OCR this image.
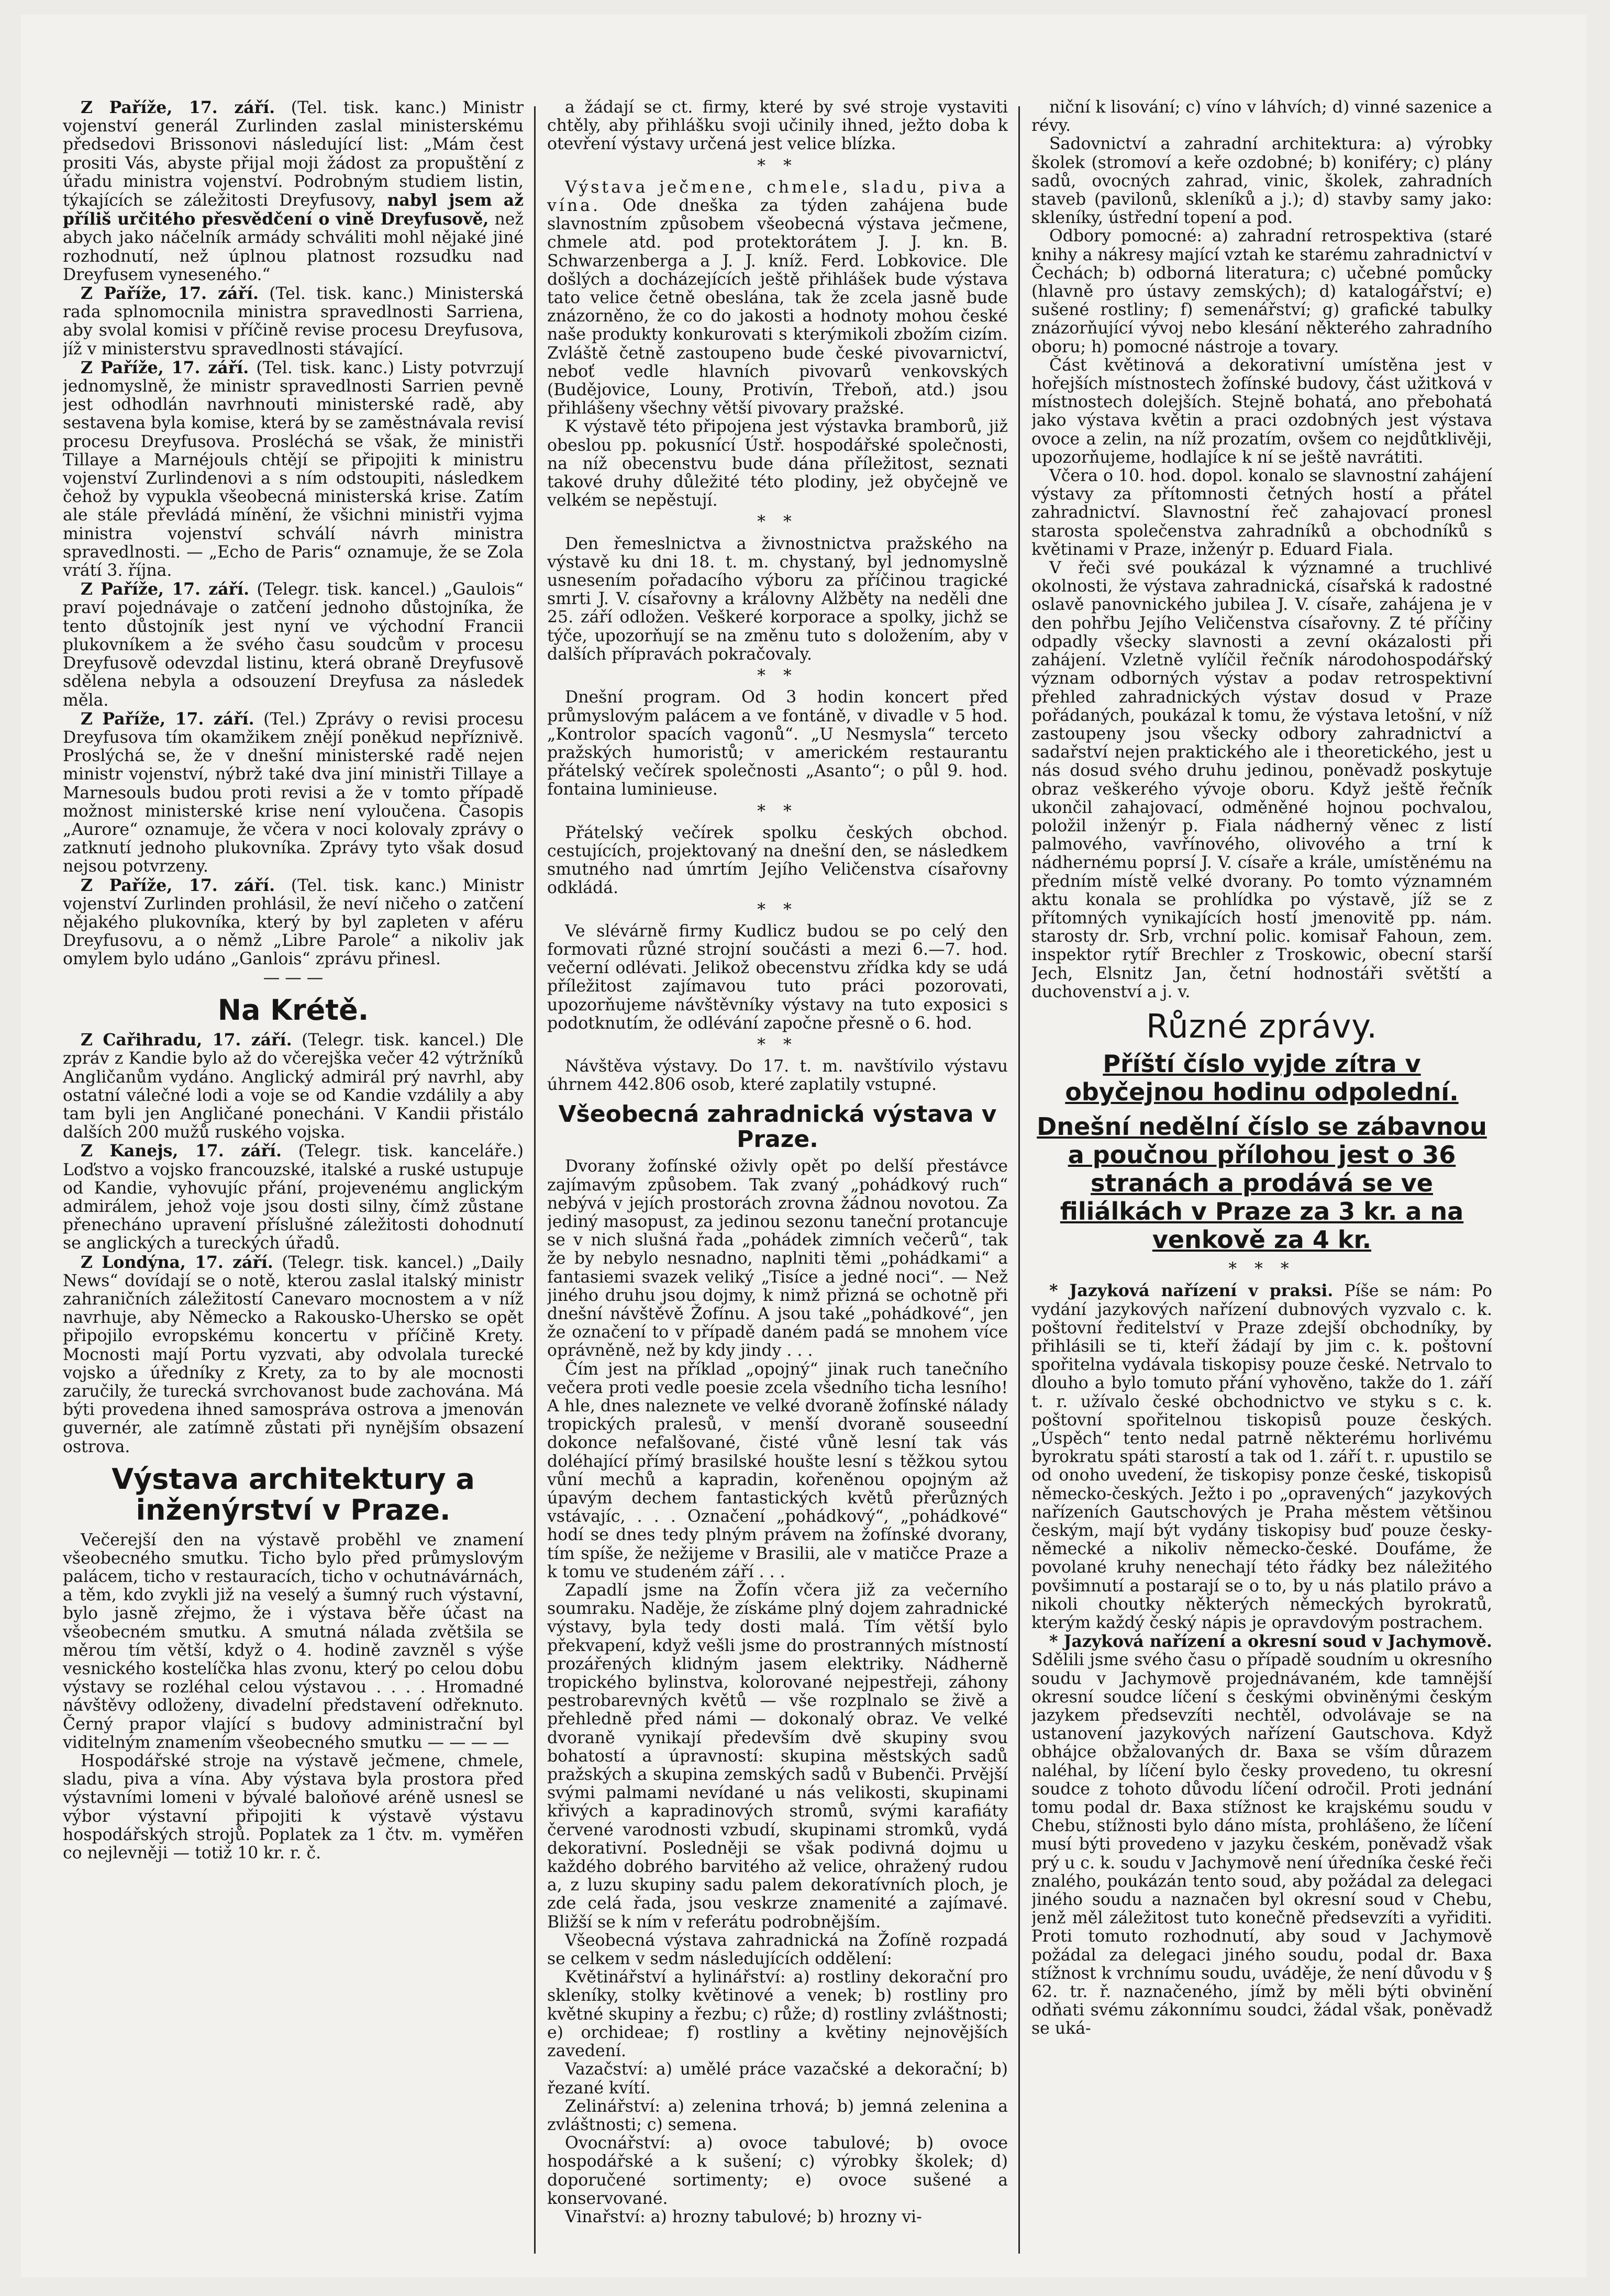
Z Paříže, 17. září. (Tel. tisk. kanc.) Ministr vojenství generál Zurlinden zaslal ministerskému předsedovi Brissonovi následující list: „Mám čest prositi Vás, abyste přijal moji žádost za propuštění z úřadu ministra vojenství. Podrobným studiem listin, týkajících se záležitosti Dreyfusovy, nabyl jsem až příliš určitého přesvědčení o vině Dreyfusově, než abych jako náčelník armády schváliti mohl nějaké jiné rozhodnutí, než úplnou platnost rozsudku nad Dreyfusem vyneseného.“

Z Paříže, 17. září. (Tel. tisk. kanc.) Ministerská rada splnomocnila ministra spravedlnosti Sarriena, aby svolal komisi v příčině revise procesu Dreyfusova, jíž v ministerstvu spravedlnosti stávající.

Z Paříže, 17. září. (Tel. tisk. kanc.) Listy potvrzují jednomyslně, že ministr spravedlnosti Sarrien pevně jest odhodlán navrhnouti ministerské radě, aby sestavena byla komise, která by se zaměstnávala revisí procesu Dreyfusova. Prosléchá se však, že ministři Tillaye a Marnéjouls chtějí se připojiti k ministru vojenství Zurlindenovi a s ním odstoupiti, následkem čehož by vypukla všeobecná ministerská krise. Zatím ale stále převládá mínění, že všichni ministři vyjma ministra vojenství schválí návrh ministra spravedlnosti. — „Echo de Paris“ oznamuje, že se Zola vrátí 3. října.

Z Paříže, 17. září. (Telegr. tisk. kancel.) „Gaulois“ praví pojednávaje o zatčení jednoho důstojníka, že tento důstojník jest nyní ve východní Francii plukovníkem a že svého času soudcům v procesu Dreyfusově odevzdal listinu, která obraně Dreyfusově sdělena nebyla a odsouzení Dreyfusa za následek měla.

Z Paříže, 17. září. (Tel.) Zprávy o revisi procesu Dreyfusova tím okamžikem znějí poněkud nepříznivě. Proslýchá se, že v dnešní ministerské radě nejen ministr vojenství, nýbrž také dva jiní ministři Tillaye a Marnesouls budou proti revisi a že v tomto případě možnost ministerské krise není vyloučena. Časopis „Aurore“ oznamuje, že včera v noci kolovaly zprávy o zatknutí jednoho plukovníka. Zprávy tyto však dosud nejsou potvrzeny.

Z Paříže, 17. září. (Tel. tisk. kanc.) Ministr vojenství Zurlinden prohlásil, že neví ničeho o zatčení nějakého plukovníka, který by byl zapleten v aféru Dreyfusovu, a o němž „Libre Parole“ a nikoliv jak omylem bylo udáno „Ganlois“ zprávu přinesl.

— — —

Na Krétě.

Z Cařihradu, 17. září. (Telegr. tisk. kancel.) Dle zpráv z Kandie bylo až do včerejška večer 42 výtržníků Angličanům vydáno. Anglický admirál prý navrhl, aby ostatní válečné lodi a voje se od Kandie vzdálily a aby tam byli jen Angličané ponecháni. V Kandii přistálo dalších 200 mužů ruského vojska.

Z Kanejs, 17. září. (Telegr. tisk. kanceláře.) Loďstvo a vojsko francouzské, italské a ruské ustupuje od Kandie, vyhovujíc přání, projevenému anglickým admirálem, jehož voje jsou dosti silny, čímž zůstane přenecháno upravení příslušné záležitosti dohodnutí se anglických a tureckých úřadů.

Z Londýna, 17. září. (Telegr. tisk. kancel.) „Daily News“ dovídají se o notě, kterou zaslal italský ministr zahraničních záležitostí Canevaro mocnostem a v níž navrhuje, aby Německo a Rakousko-Uhersko se opět připojilo evropskému koncertu v příčině Krety. Mocnosti mají Portu vyzvati, aby odvolala turecké vojsko a úředníky z Krety, za to by ale mocnosti zaručily, že turecká svrchovanost bude zachována. Má býti provedena ihned samospráva ostrova a jmenován guvernér, ale zatímně zůstati při nynějším obsazení ostrova.

Výstava architektury a inženýrství v Praze.

Večerejší den na výstavě proběhl ve znamení všeobecného smutku. Ticho bylo před průmyslovým palácem, ticho v restauracích, ticho v ochutnávárnách, a těm, kdo zvykli již na veselý a šumný ruch výstavní, bylo jasně zřejmo, že i výstava běře účast na všeobecném smutku. A smutná nálada zvětšila se měrou tím větší, když o 4. hodině zavzněl s výše vesnického kostelíčka hlas zvonu, který po celou dobu výstavy se rozléhal celou výstavou . . . . Hromadné návštěvy odloženy, divadelní představení odřeknuto. Černý prapor vlající s budovy administrační byl viditelným znamením všeobecného smutku — — — —

Hospodářské stroje na výstavě ječmene, chmele, sladu, piva a vína. Aby výstava byla prostora před výstavními lomeni v bývalé baloňové aréně usnesl se výbor výstavní připojiti k výstavě výstavu hospodářských strojů. Poplatek za 1 čtv. m. vyměřen co nejlevněji — totiž 10 kr. r. č.

a žádají se ct. firmy, které by své stroje vystaviti chtěly, aby přihlášku svoji učinily ihned, ježto doba k otevření výstavy určená jest velice blízka.

* *

Výstava ječmene, chmele, sladu, piva a vína. Ode dneška za týden zahájena bude slavnostním způsobem všeobecná výstava ječmene, chmele atd. pod protektorátem J. J. kn. B. Schwarzenberga a J. J. kníž. Ferd. Lobkovice. Dle došlých a docházejících ještě přihlášek bude výstava tato velice četně obeslána, tak že zcela jasně bude znázorněno, že co do jakosti a hodnoty mohou české naše produkty konkurovati s kterýmikoli zbožím cizím. Zvláště četně zastoupeno bude české pivovarnictví, neboť vedle hlavních pivovarů venkovských (Budějovice, Louny, Protivín, Třeboň, atd.) jsou přihlášeny všechny větší pivovary pražské.

K výstavě této připojena jest výstavka bramborů, již obeslou pp. pokusnící Ústř. hospodářské společnosti, na níž obecenstvu bude dána příležitost, seznati takové druhy důležité této plodiny, jež obyčejně ve velkém se nepěstují.

* *

Den řemeslnictva a živnostnictva pražského na výstavě ku dni 18. t. m. chystaný, byl jednomyslně usnesením pořadacího výboru za příčinou tragické smrti J. V. císařovny a královny Alžběty na neděli dne 25. září odložen. Veškeré korporace a spolky, jichž se týče, upozorňují se na změnu tuto s doložením, aby v dalších přípravách pokračovaly.

* *

Dnešní program. Od 3 hodin koncert před průmyslovým palácem a ve fontáně, v divadle v 5 hod. „Kontrolor spacích vagonů“. „U Nesmysla“ terceto pražských humoristů; v americkém restaurantu přátelský večírek společnosti „Asanto“; o půl 9. hod. fontaina luminieuse.

* *

Přátelský večírek spolku českých obchod. cestujících, projektovaný na dnešní den, se následkem smutného nad úmrtím Jejího Veličenstva císařovny odkládá.

* *

Ve slévárně firmy Kudlicz budou se po celý den formovati různé strojní součásti a mezi 6.—7. hod. večerní odlévati. Jelikož obecenstvu zřídka kdy se udá příležitost zajímavou tuto práci pozorovati, upozorňujeme návštěvníky výstavy na tuto exposici s podotknutím, že odlévání započne přesně o 6. hod.

* *

Návštěva výstavy. Do 17. t. m. navštívilo výstavu úhrnem 442.806 osob, které zaplatily vstupné.

Všeobecná zahradnická výstava v Praze.

Dvorany žofínské oživly opět po delší přestávce zajímavým způsobem. Tak zvaný „pohádkový ruch“ nebývá v jejích prostorách zrovna žádnou novotou. Za jediný masopust, za jedinou sezonu taneční protancuje se v nich slušná řada „pohádek zimních večerů“, tak že by nebylo nesnadno, naplniti těmi „pohádkami“ a fantasiemi svazek veliký „Tisíce a jedné noci“. — Než jiného druhu jsou dojmy, k nimž přizná se ochotně při dnešní návštěvě Žofínu. A jsou také „pohádkové“, jen že označení to v případě daném padá se mnohem více oprávněně, než by kdy jindy . . .

Čím jest na příklad „opojný“ jinak ruch tanečního večera proti vedle poesie zcela všedního ticha lesního! A hle, dnes naleznete ve velké dvoraně žofínské nálady tropických pralesů, v menší dvoraně souseední dokonce nefalšované, čisté vůně lesní tak vás doléhající přímý brasilské houšte lesní s těžkou sytou vůní mechů a kapradin, kořeněnou opojným až úpavým dechem fantastických květů přerůzných vstávajíc, . . . Označení „pohádkový“, „pohádkové“ hodí se dnes tedy plným právem na žofínské dvorany, tím spíše, že nežijeme v Brasilii, ale v matičce Praze a k tomu ve studeném září . . .

Zapadlí jsme na Žofín včera již za večerního soumraku. Naděje, že získáme plný dojem zahradnické výstavy, byla tedy dosti malá. Tím větší bylo překvapení, když vešli jsme do prostranných místností prozářených klidným jasem elektriky. Nádherně tropického bylinstva, kolorované nejpestřeji, záhony pestrobarevných květů — vše rozplnalo se živě a přehledně před námi — dokonalý obraz. Ve velké dvoraně vynikají především dvě skupiny svou bohatostí a úpravností: skupina městských sadů pražských a skupina zemských sadů v Bubenči. Prvější svými palmami nevídané u nás velikosti, skupinami křivých a kapradinových stromů, svými karafiáty červené varodnosti vzbudí, skupinami stromků, vydá dekorativní. Posledněji se však podivná dojmu u každého dobrého barvitého až velice, ohražený rudou a, z luzu skupiny sadu palem dekoratívních ploch, je zde celá řada, jsou veskrze znamenité a zajímavé. Bližší se k ním v referátu podrobnějším.

Všeobecná výstava zahradnická na Žofíně rozpadá se celkem v sedm následujících oddělení:

Květinářství a hylinářství: a) rostliny dekorační pro skleníky, stolky květinové a venek; b) rostliny pro květné skupiny a řezbu; c) růže; d) rostliny zvláštnosti; e) orchideae; f) rostliny a květiny nejnovějších zavedení.

Vazačství: a) umělé práce vazačské a dekorační; b) řezané kvítí.

Zelinářství: a) zelenina trhová; b) jemná zelenina a zvláštnosti; c) semena.

Ovocnářství: a) ovoce tabulové; b) ovoce hospodářské a k sušení; c) výrobky školek; d) doporučené sortimenty; e) ovoce sušené a konservované.

Vinařství: a) hrozny tabulové; b) hrozny vi-

niční k lisování; c) víno v láhvích; d) vinné sazenice a révy.

Sadovnictví a zahradní architektura: a) výrobky školek (stromoví a keře ozdobné; b) koniféry; c) plány sadů, ovocných zahrad, vinic, školek, zahradních staveb (pavilonů, skleníků a j.); d) stavby samy jako: skleníky, ústřední topení a pod.

Odbory pomocné: a) zahradní retrospektiva (staré knihy a nákresy mající vztah ke starému zahradnictví v Čechách; b) odborná literatura; c) učebné pomůcky (hlavně pro ústavy zemských); d) katalogářství; e) sušené rostliny; f) semenářství; g) grafické tabulky znázorňující vývoj nebo klesání některého zahradního oboru; h) pomocné nástroje a tovary.

Část květinová a dekorativní umístěna jest v hořejších místnostech žofínské budovy, část užitková v místnostech dolejších. Stejně bohatá, ano přebohatá jako výstava květin a praci ozdobných jest výstava ovoce a zelin, na níž prozatím, ovšem co nejdůtklivěji, upozorňujeme, hodlajíce k ní se ještě navrátiti.

Včera o 10. hod. dopol. konalo se slavnostní zahájení výstavy za přítomnosti četných hostí a přátel zahradnictví. Slavnostní řeč zahajovací pronesl starosta společenstva zahradníků a obchodníků s květinami v Praze, inženýr p. Eduard Fiala.

V řeči své poukázal k významné a truchlivé okolnosti, že výstava zahradnická, císařská k radostné oslavě panovnického jubilea J. V. císaře, zahájena je v den pohřbu Jejího Veličenstva císařovny. Z té příčiny odpadly všecky slavnosti a zevní okázalosti při zahájení. Vzletně vylíčil řečník národohospodářský význam odborných výstav a podav retrospektivní přehled zahradnických výstav dosud v Praze pořádaných, poukázal k tomu, že výstava letošní, v níž zastoupeny jsou všecky odbory zahradnictví a sadařství nejen praktického ale i theoretického, jest u nás dosud svého druhu jedinou, poněvadž poskytuje obraz veškerého vývoje oboru. Když ještě řečník ukončil zahajovací, odměněné hojnou pochvalou, položil inženýr p. Fiala nádherný věnec z listí palmového, vavřínového, olivového a trní k nádhernému poprsí J. V. císaře a krále, umístěnému na předním místě velké dvorany. Po tomto významném aktu konala se prohlídka po výstavě, jíž se z přítomných vynikajících hostí jmenovitě pp. nám. starosty dr. Srb, vrchní polic. komisař Fahoun, zem. inspektor rytíř Brechler z Troskowic, obecní starší Jech, Elsnitz Jan, četní hodnostáři světští a duchovenství a j. v.

Různé zprávy.

Příští číslo vyjde zítra v obyčejnou hodinu odpolední.

Dnešní nedělní číslo se zábavnou a poučnou přílohou jest o 36 stranách a prodává se ve filiálkách v Praze za 3 kr. a na venkově za 4 kr.

* * *

* Jazyková nařízení v praksi. Píše se nám: Po vydání jazykových nařízení dubnových vyzvalo c. k. poštovní ředitelství v Praze zdejší obchodníky, by přihlásili se ti, kteří žádají by jim c. k. poštovní spořitelna vydávala tiskopisy pouze české. Netrvalo to dlouho a bylo tomuto přání vyhověno, takže do 1. září t. r. užívalo české obchodnictvo ve styku s c. k. poštovní spořitelnou tiskopisů pouze českých. „Úspěch“ tento nedal patrně některému horlivému byrokratu spáti starostí a tak od 1. září t. r. upustilo se od onoho uvedení, že tiskopisy ponze české, tiskopisů německo-českých. Ježto i po „opravených“ jazykových nařízeních Gautschových je Praha městem většinou českým, mají být vydány tiskopisy buď pouze česky-německé a nikoliv německo-české. Doufáme, že povolané kruhy nenechají této řádky bez náležitého povšimnutí a postarají se o to, by u nás platilo právo a nikoli choutky některých německých byrokratů, kterým každý český nápis je opravdovým postrachem.

* Jazyková nařízení a okresní soud v Jachymově. Sdělili jsme svého času o případě soudním u okresního soudu v Jachymově projednávaném, kde tamnější okresní soudce líčení s českými obviněnými českým jazykem předsevzíti nechtěl, odvolávaje se na ustanovení jazykových nařízení Gautschova. Když obhájce obžalovaných dr. Baxa se vším důrazem naléhal, by líčení bylo česky provedeno, tu okresní soudce z tohoto důvodu líčení odročil. Proti jednání tomu podal dr. Baxa stížnost ke krajskému soudu v Chebu, stížnosti bylo dáno místa, prohlášeno, že líčení musí býti provedeno v jazyku českém, poněvadž však prý u c. k. soudu v Jachymově není úředníka české řeči znalého, poukázán tento soud, aby požádal za delegaci jiného soudu a naznačen byl okresní soud v Chebu, jenž měl záležitost tuto konečně předsevzíti a vyřiditi. Proti tomuto rozhodnutí, aby soud v Jachymově požádal za delegaci jiného soudu, podal dr. Baxa stížnost k vrchnímu soudu, uváděje, že není důvodu v § 62. tr. ř. naznačeného, jímž by měli býti obvinění odňati svému zákonnímu soudci, žádal však, poněvadž se uká-
